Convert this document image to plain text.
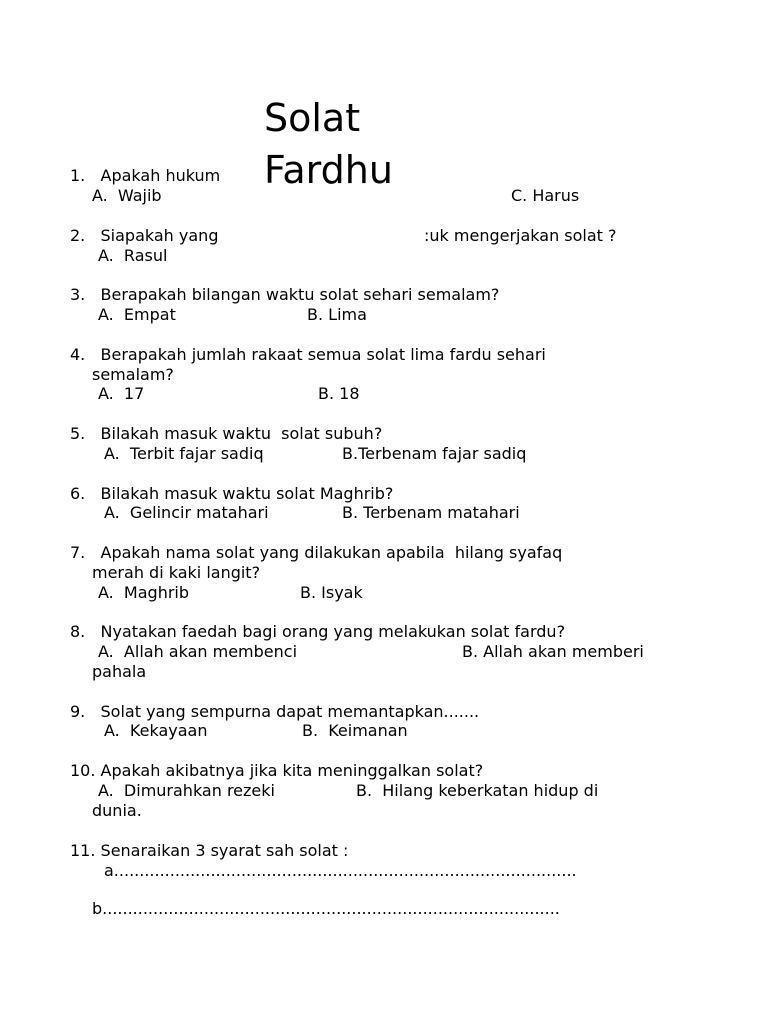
1.   Apakah hukum
A.  Wajib	C. Harus
2.   Siapakah yang	:uk mengerjakan solat ?
A.  Rasul
3.   Berapakah bilangan waktu solat sehari semalam?
A.  Empat	B. Lima
4.   Berapakah jumlah rakaat semua solat lima fardu sehari
semalam?
A.  17	B. 18
5.   Bilakah masuk waktu  solat subuh?
A.  Terbit fajar sadiq	B.Terbenam fajar sadiq
6.   Bilakah masuk waktu solat Maghrib?
A.  Gelincir matahari	B. Terbenam matahari
7.   Apakah nama solat yang dilakukan apabila  hilang syafaq
merah di kaki langit?
A.  Maghrib	B. Isyak
8.   Nyatakan faedah bagi orang yang melakukan solat fardu?
A.  Allah akan membenci	B. Allah akan memberi
pahala
9.   Solat yang sempurna dapat memantapkan.......
A.  Kekayaan	B.  Keimanan
10. Apakah akibatnya jika kita meninggalkan solat?
A.  Dimurahkan rezeki	B.  Hilang keberkatan hidup di
dunia.
11. Senaraikan 3 syarat sah solat :
a...........................................................................................
b..........................................................................................
Solat
Fardhu
